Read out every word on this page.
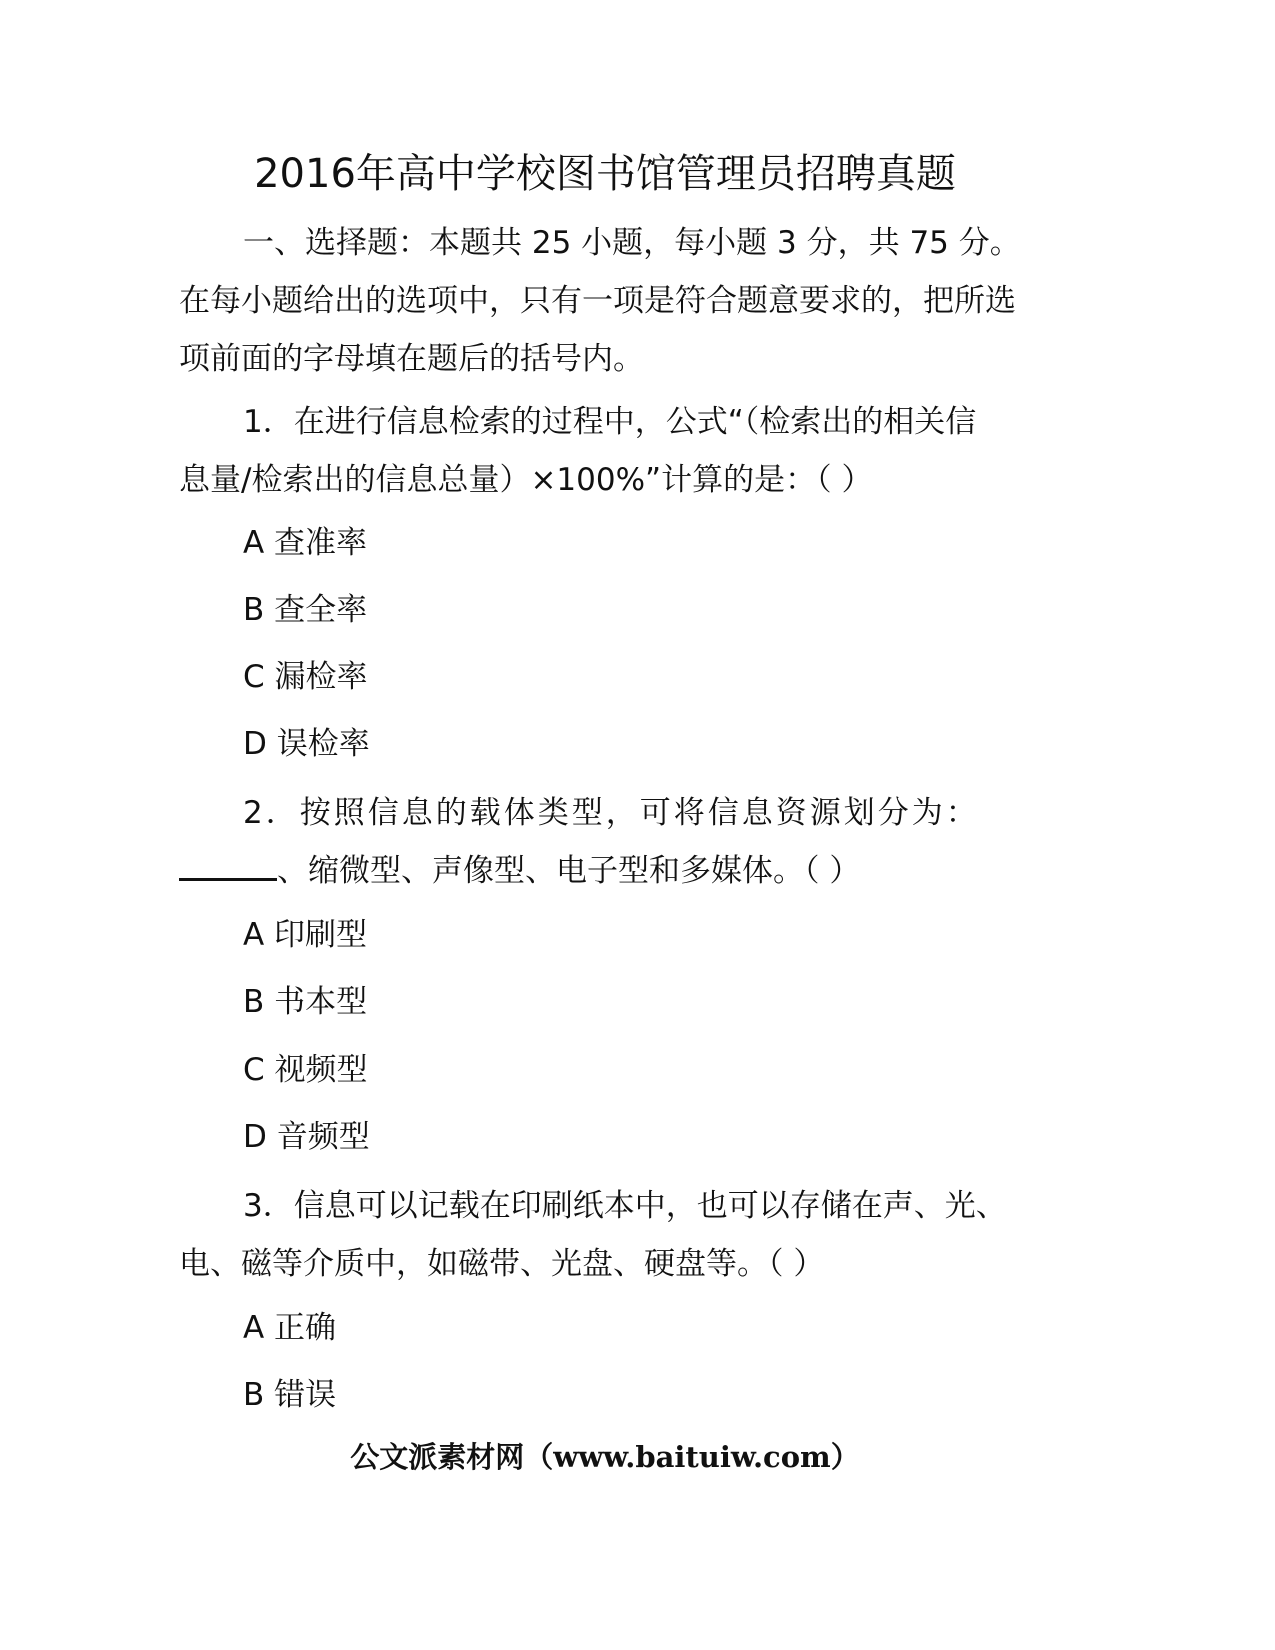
2016年高中学校图书馆管理员招聘真题

一、选择题：本题共 25 小题，每小题 3 分，共 75 分。
在每小题给出的选项中，只有一项是符合题意要求的，把所选
项前面的字母填在题后的括号内。

1．在进行信息检索的过程中，公式“（检索出的相关信
息量/检索出的信息总量）×100%”计算的是：（ ）

A 查准率
B 查全率
C 漏检率
D 误检率

2．按照信息的载体类型，可将信息资源划分为：
、缩微型、声像型、电子型和多媒体。（ ）

A 印刷型
B 书本型
C 视频型
D 音频型

3．信息可以记载在印刷纸本中，也可以存储在声、光、
电、磁等介质中，如磁带、光盘、硬盘等。（ ）

A 正确
B 错误
公文派素材网（www.baituiw.com）
